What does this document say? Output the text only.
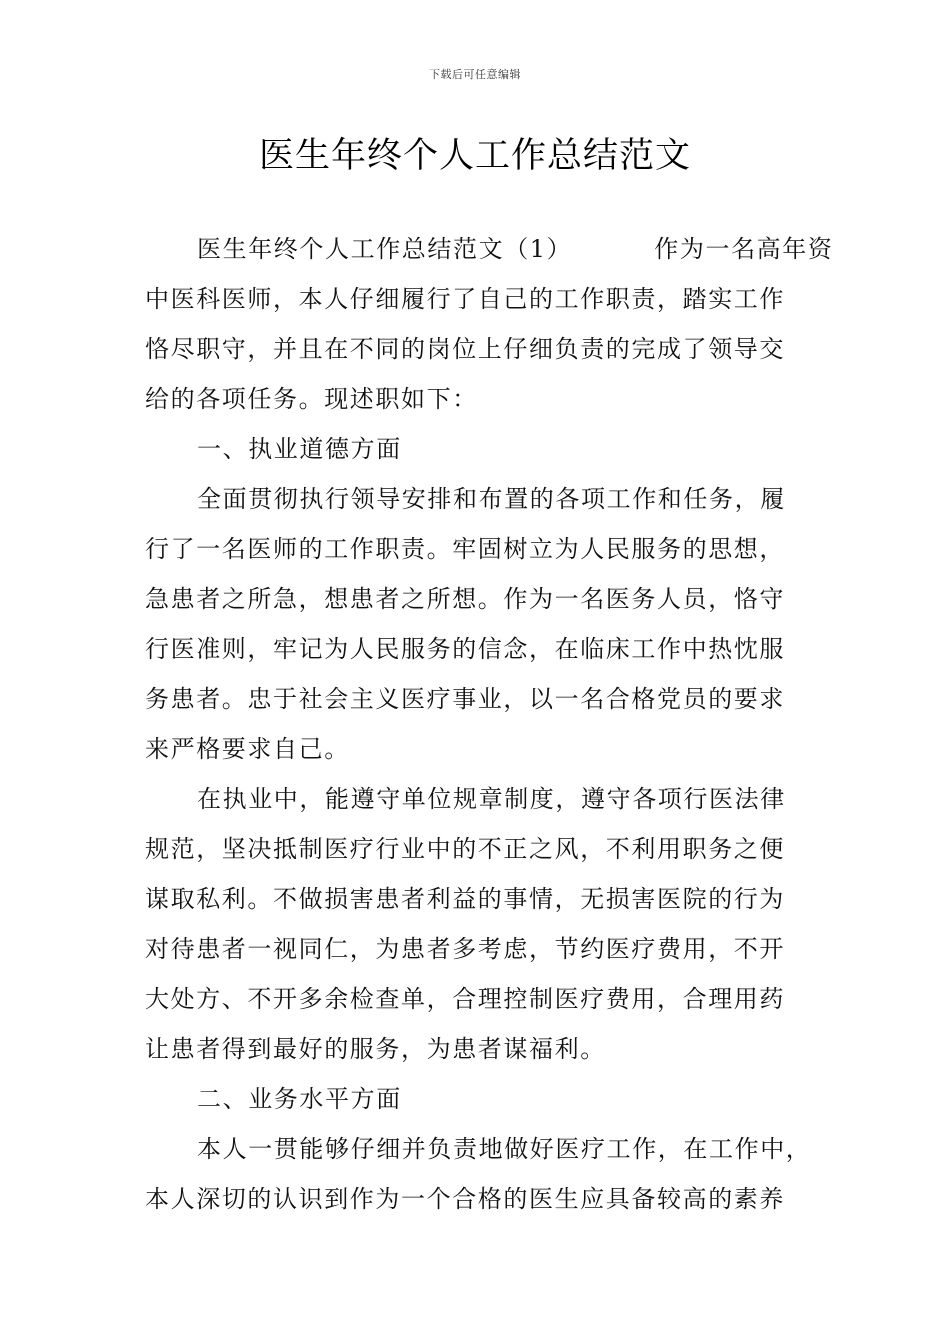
下载后可任意编辑
医生年终个人工作总结范文
医生年终个人工作总结范文（1）	作为一名高年资
中医科医师，本人仔细履行了自己的工作职责，踏实工作
恪尽职守，并且在不同的岗位上仔细负责的完成了领导交
给的各项任务。现述职如下：
一、执业道德方面
全面贯彻执行领导安排和布置的各项工作和任务，履
行了一名医师的工作职责。牢固树立为人民服务的思想，
急患者之所急，想患者之所想。作为一名医务人员，恪守
行医准则，牢记为人民服务的信念，在临床工作中热忱服
务患者。忠于社会主义医疗事业，以一名合格党员的要求
来严格要求自己。
在执业中，能遵守单位规章制度，遵守各项行医法律
规范，坚决抵制医疗行业中的不正之风，不利用职务之便
谋取私利。不做损害患者利益的事情，无损害医院的行为
对待患者一视同仁，为患者多考虑，节约医疗费用，不开
大处方、不开多余检查单，合理控制医疗费用，合理用药
让患者得到最好的服务，为患者谋福利。
二、业务水平方面
本人一贯能够仔细并负责地做好医疗工作，在工作中，
本人深切的认识到作为一个合格的医生应具备较高的素养
